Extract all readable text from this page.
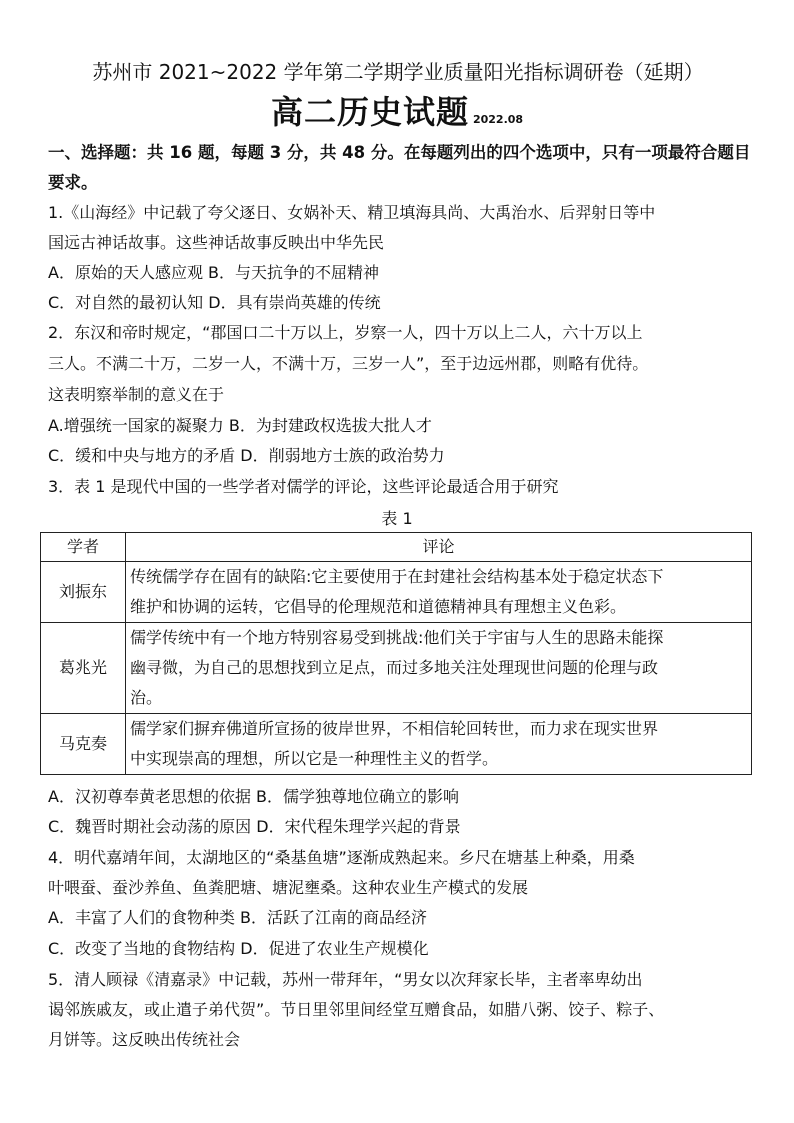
苏州市 2021~2022 学年第二学期学业质量阳光指标调研卷（延期）
高二历史试题 2022.08
一、选择题：共 16 题，每题 3 分，共 48 分。在每题列出的四个选项中，只有一项最符合题目要求。
1.《山海经》中记载了夸父逐日、女娲补天、精卫填海具尚、大禹治水、后羿射日等中
国远古神话故事。这些神话故事反映出中华先民
A．原始的天人感应观 B．与天抗争的不屈精神
C．对自然的最初认知 D．具有崇尚英雄的传统
2．东汉和帝时规定，“郡国口二十万以上，岁察一人，四十万以上二人，六十万以上
三人。不满二十万，二岁一人，不满十万，三岁一人”，至于边远州郡，则略有优待。
这表明察举制的意义在于
A.增强统一国家的凝聚力 B．为封建政权选拔大批人才
C．缓和中央与地方的矛盾 D．削弱地方士族的政治势力
3．表 1 是现代中国的一些学者对儒学的评论，这些评论最适合用于研究
表 1
学者	评论
刘振东	传统儒学存在固有的缺陷:它主要使用于在封建社会结构基本处于稳定状态下
维护和协调的运转，它倡导的伦理规范和道德精神具有理想主义色彩。

葛兆光	儒学传统中有一个地方特别容易受到挑战:他们关于宇宙与人生的思路未能探
幽寻微，为自己的思想找到立足点，而过多地关注处理现世问题的伦理与政
治。

马克奏	儒学家们摒弃佛道所宣扬的彼岸世界，不相信轮回转世，而力求在现实世界
中实现崇高的理想，所以它是一种理性主义的哲学。
A．汉初尊奉黄老思想的依据 B．儒学独尊地位确立的影响
C．魏晋时期社会动荡的原因 D．宋代程朱理学兴起的背景
4．明代嘉靖年间，太湖地区的“桑基鱼塘”逐渐成熟起来。乡尺在塘基上种桑，用桑
叶喂蚕、蚕沙养鱼、鱼粪肥塘、塘泥壅桑。这种农业生产模式的发展
A．丰富了人们的食物种类 B．活跃了江南的商品经济
C．改变了当地的食物结构 D．促进了农业生产规模化
5．清人顾禄《清嘉录》中记载，苏州一带拜年，“男女以次拜家长毕，主者率卑幼出
谒邻族戚友，或止遣子弟代贺”。节日里邻里间经堂互赠食品，如腊八粥、饺子、粽子、
月饼等。这反映出传统社会
